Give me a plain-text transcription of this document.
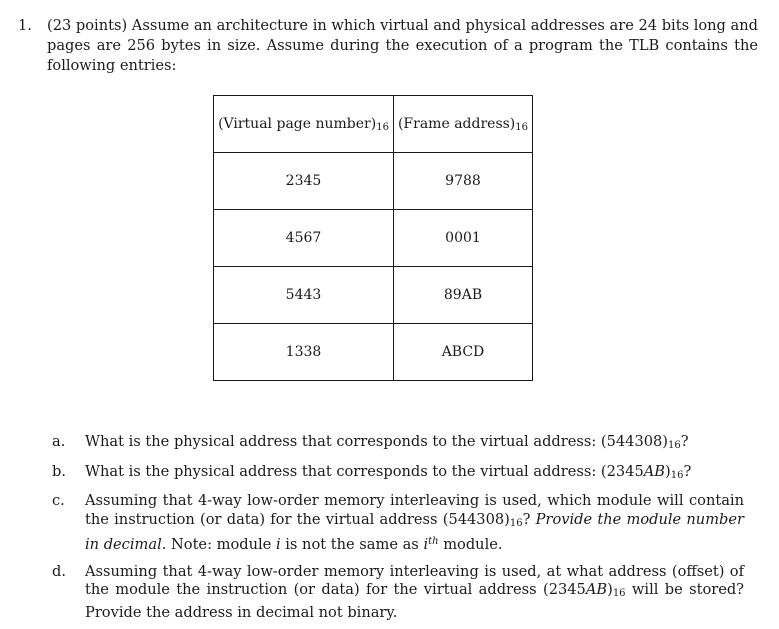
1. (23 points) Assume an architecture in which virtual and physical addresses are 24 bits long and pages are 256 bytes in size. Assume during the execution of a program the TLB contains the following entries:
(Virtual page $number)_{16}$	(Frame $address)_{16}$
2345	9788
4567	0001
5443	89AB
1338	ABCD
a. What is the physical address that corresponds to the virtual address: $(544308)_{16}$?
b. What is the physical address that corresponds to the virtual address: $(2345AB)_{16}$?
c. Assuming that 4-way low-order memory interleaving is used, which module will contain the instruction (or data) for the virtual address $(544308)_{16}$? Provide the module number in decimal. Note: module i is not the same as $i^{th}$ module.
d. Assuming that 4-way low-order memory interleaving is used, at what address (offset) of the module the instruction (or data) for the virtual address $(2345AB)_{16}$ will be stored? Provide the address in decimal not binary.
